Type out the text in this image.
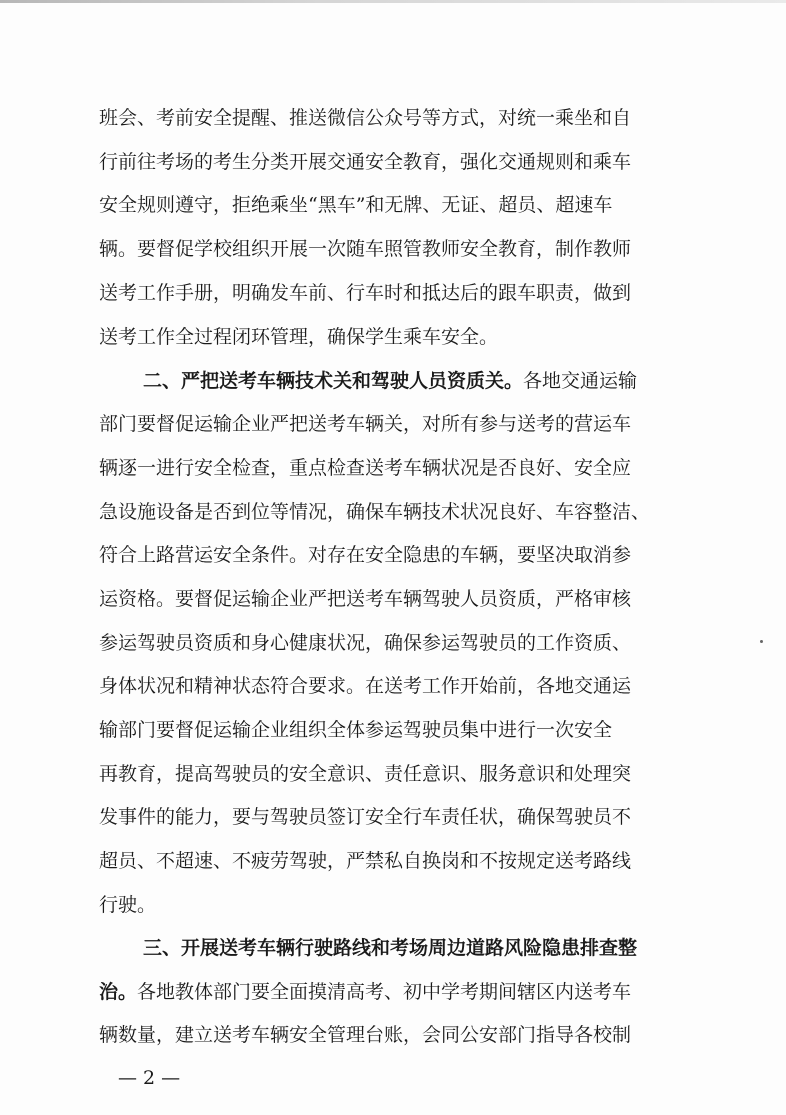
班会、考前安全提醒、推送微信公众号等方式，对统一乘坐和自
行前往考场的考生分类开展交通安全教育，强化交通规则和乘车
安全规则遵守，拒绝乘坐“黑车”和无牌、无证、超员、超速车
辆。要督促学校组织开展一次随车照管教师安全教育，制作教师
送考工作手册，明确发车前、行车时和抵达后的跟车职责，做到
送考工作全过程闭环管理，确保学生乘车安全。
二、严把送考车辆技术关和驾驶人员资质关。各地交通运输
部门要督促运输企业严把送考车辆关，对所有参与送考的营运车
辆逐一进行安全检查，重点检查送考车辆状况是否良好、安全应
急设施设备是否到位等情况，确保车辆技术状况良好、车容整洁、
符合上路营运安全条件。对存在安全隐患的车辆，要坚决取消参
运资格。要督促运输企业严把送考车辆驾驶人员资质，严格审核
参运驾驶员资质和身心健康状况，确保参运驾驶员的工作资质、
身体状况和精神状态符合要求。在送考工作开始前，各地交通运
输部门要督促运输企业组织全体参运驾驶员集中进行一次安全
再教育，提高驾驶员的安全意识、责任意识、服务意识和处理突
发事件的能力，要与驾驶员签订安全行车责任状，确保驾驶员不
超员、不超速、不疲劳驾驶，严禁私自换岗和不按规定送考路线
行驶。
三、开展送考车辆行驶路线和考场周边道路风险隐患排查整
治。各地教体部门要全面摸清高考、初中学考期间辖区内送考车
辆数量，建立送考车辆安全管理台账，会同公安部门指导各校制
— 2 —
